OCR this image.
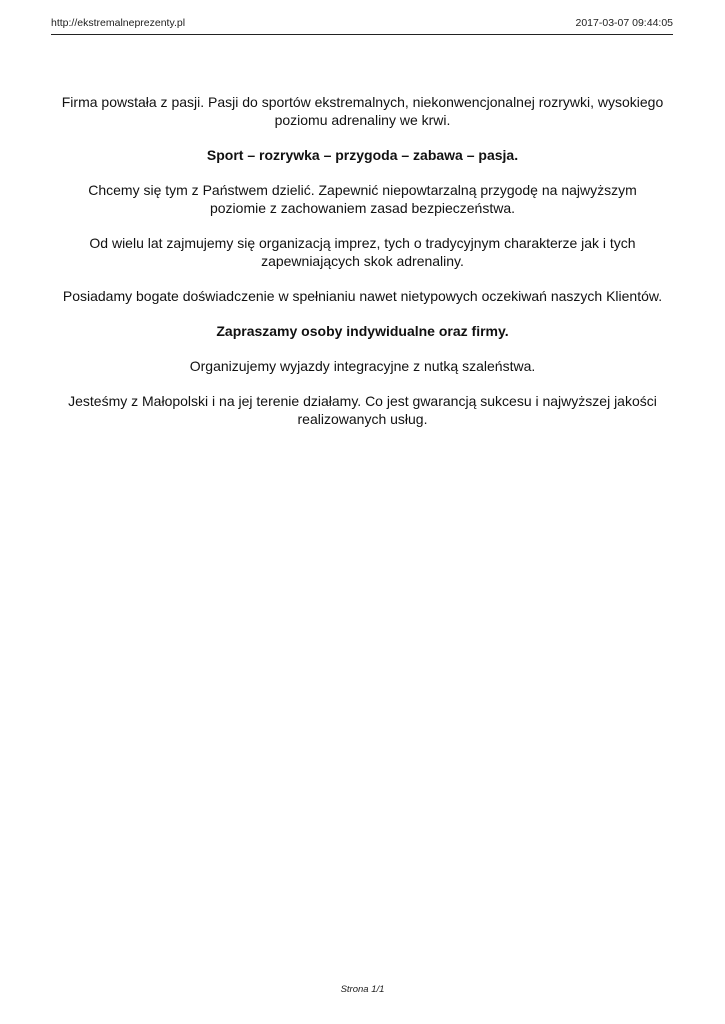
http://ekstremalneprezenty.pl	2017-03-07 09:44:05

Firma powstała z pasji. Pasji do sportów ekstremalnych, niekonwencjonalnej rozrywki, wysokiego poziomu adrenaliny we krwi.

Sport – rozrywka – przygoda – zabawa – pasja.

Chcemy się tym z Państwem dzielić. Zapewnić niepowtarzalną przygodę na najwyższym poziomie z zachowaniem zasad bezpieczeństwa.

Od wielu lat zajmujemy się organizacją imprez, tych o tradycyjnym charakterze jak i tych zapewniających skok adrenaliny.

Posiadamy bogate doświadczenie w spełnianiu nawet nietypowych oczekiwań naszych Klientów.

Zapraszamy osoby indywidualne oraz firmy.

Organizujemy wyjazdy integracyjne z nutką szaleństwa.

Jesteśmy z Małopolski i na jej terenie działamy. Co jest gwarancją sukcesu i najwyższej jakości realizowanych usług.

Strona 1/1
